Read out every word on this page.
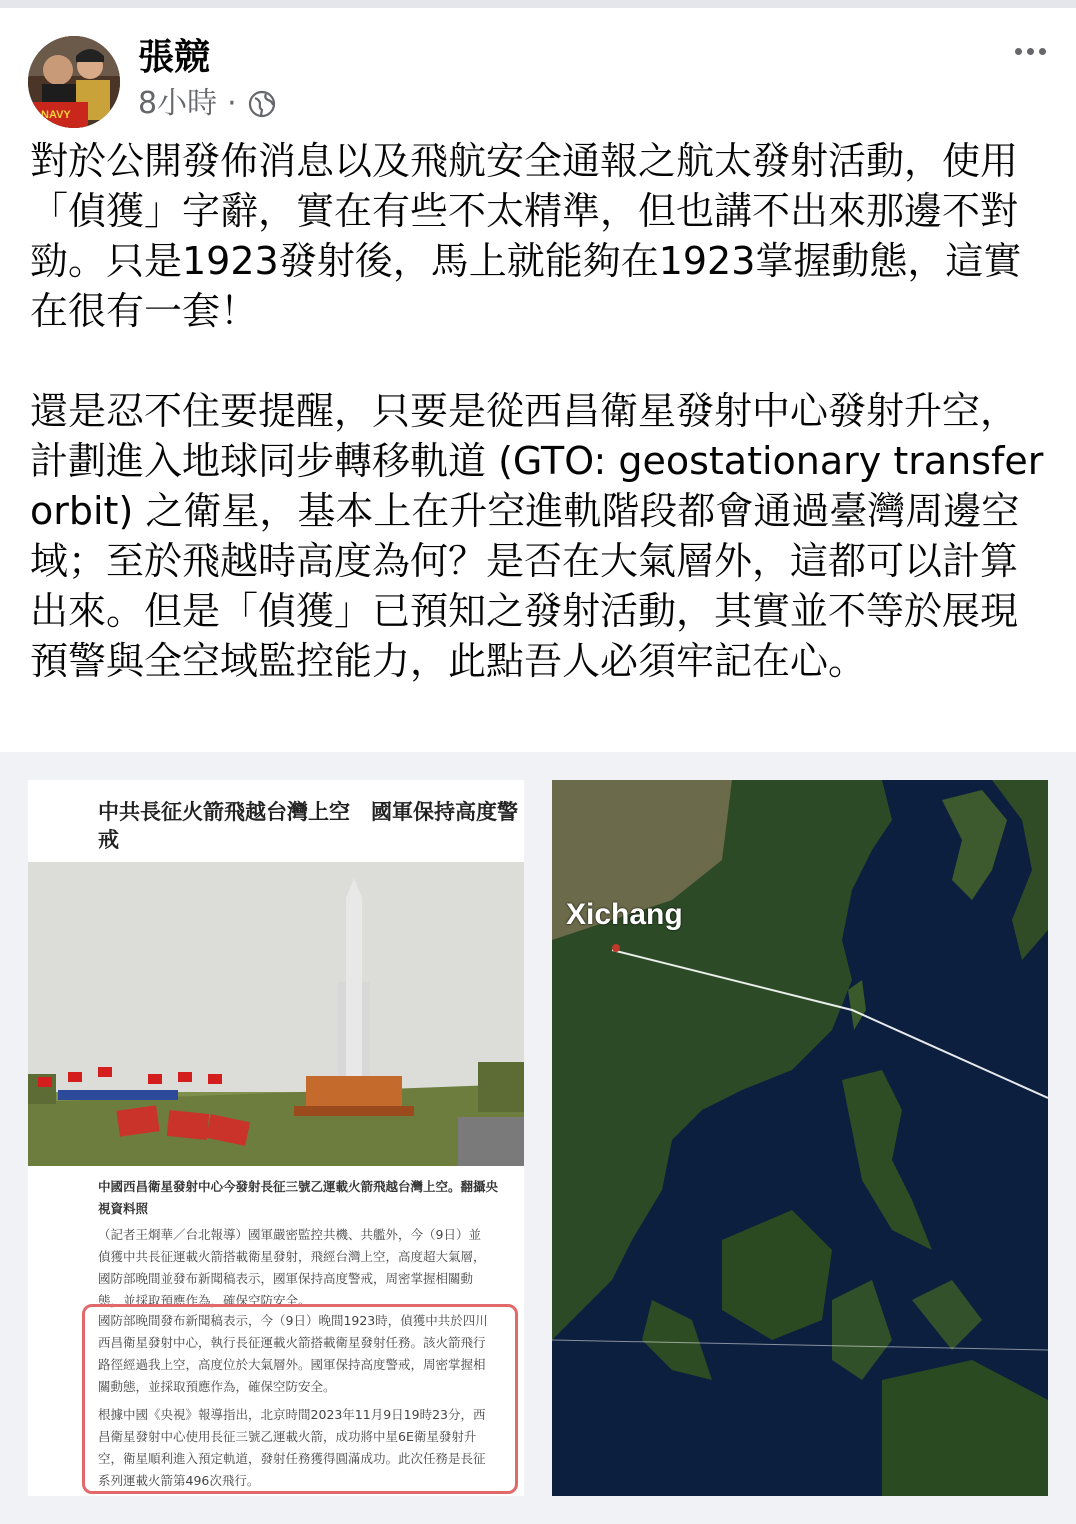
D NAVY
張競
8小時 ·

對於公開發佈消息以及飛航安全通報之航太發射活動，使用「偵獲」字辭，實在有些不太精準，但也講不出來那邊不對勁。只是1923發射後，馬上就能夠在1923掌握動態，這實在很有一套！

還是忍不住要提醒，只要是從西昌衛星發射中心發射升空，計劃進入地球同步轉移軌道 (GTO: geostationary transfer orbit) 之衛星，基本上在升空進軌階段都會通過臺灣周邊空域；至於飛越時高度為何？是否在大氣層外，這都可以計算出來。但是「偵獲」已預知之發射活動，其實並不等於展現預警與全空域監控能力，此點吾人必須牢記在心。

中共長征火箭飛越台灣上空　國軍保持高度警戒

中國西昌衛星發射中心今發射長征三號乙運載火箭飛越台灣上空。翻攝央視資料照

（記者王烱華／台北報導）國軍嚴密監控共機、共艦外，今（9日）並偵獲中共長征運載火箭搭載衛星發射，飛經台灣上空，高度超大氣層，國防部晚間並發布新聞稿表示，國軍保持高度警戒，周密掌握相關動態，並採取預應作為，確保空防安全。

國防部晚間發布新聞稿表示，今（9日）晚間1923時，偵獲中共於四川西昌衛星發射中心，執行長征運載火箭搭載衛星發射任務。該火箭飛行路徑經過我上空，高度位於大氣層外。國軍保持高度警戒，周密掌握相關動態，並採取預應作為，確保空防安全。

根據中國《央視》報導指出，北京時間2023年11月9日19時23分，西昌衛星發射中心使用長征三號乙運載火箭，成功將中星6E衛星發射升空，衛星順利進入預定軌道，發射任務獲得圓滿成功。此次任務是長征系列運載火箭第496次飛行。

Xichang
